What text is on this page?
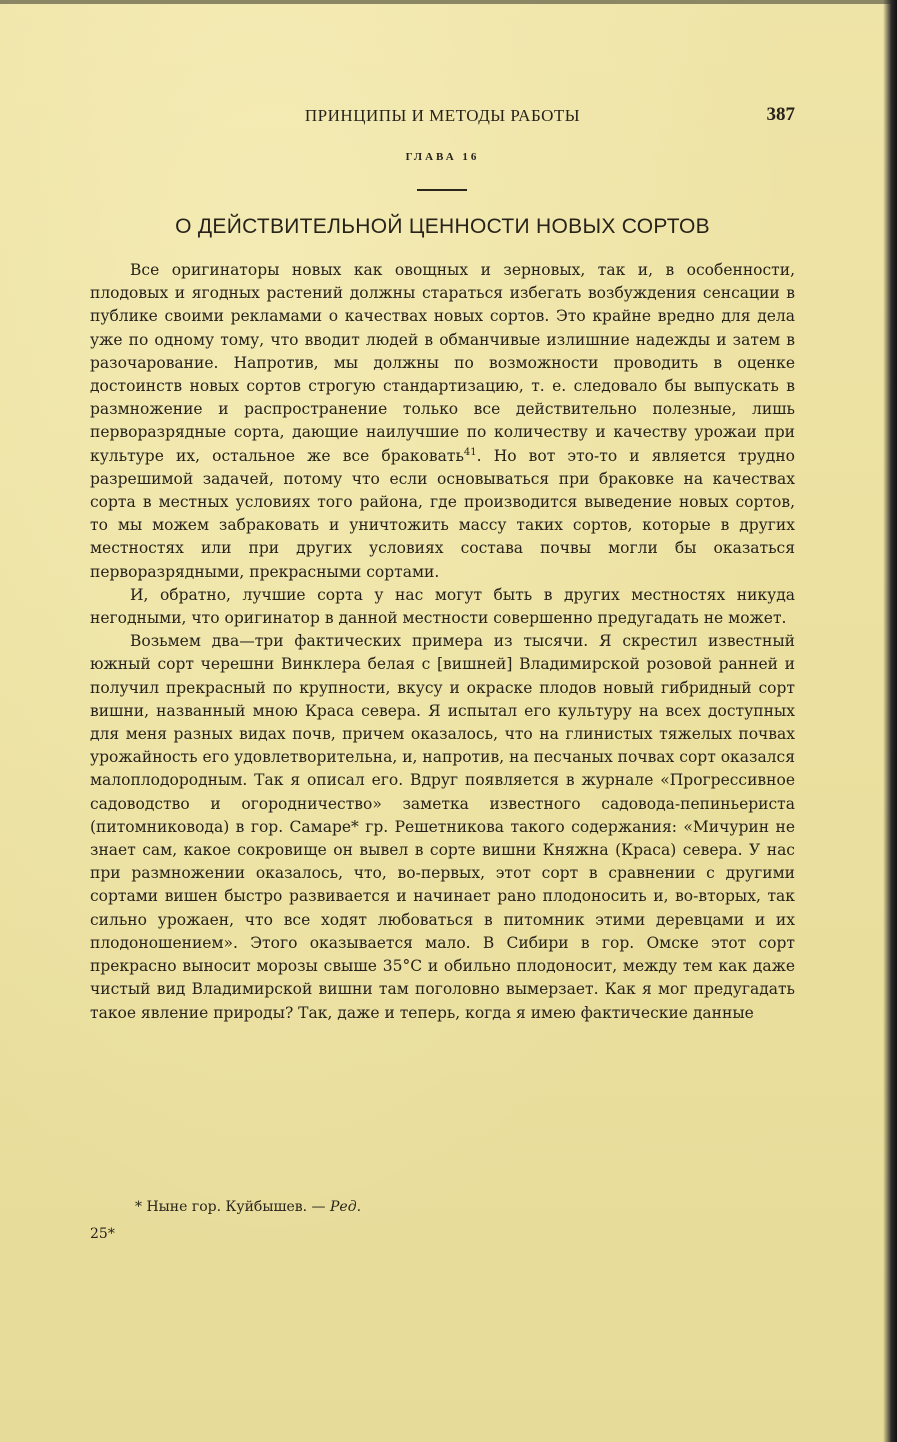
ПРИНЦИПЫ И МЕТОДЫ РАБОТЫ	387
ГЛАВА 16
О ДЕЙСТВИТЕЛЬНОЙ ЦЕННОСТИ НОВЫХ СОРТОВ

Все оригинаторы новых как овощных и зерновых, так и, в особенности, плодовых и ягодных растений должны стараться избегать возбуждения сенсации в публике своими рекламами о качествах новых сортов. Это крайне вредно для дела уже по одному тому, что вводит людей в обманчивые излишние надежды и затем в разочарование. Напротив, мы должны по возможности проводить в оценке достоинств новых сортов строгую стандартизацию, т. е. следовало бы выпускать в размножение и распространение только все действительно полезные, лишь перворазрядные сорта, дающие наилучшие по количеству и качеству урожаи при культуре их, остальное же все браковать$^{41}$. Но вот это-то и является трудно разрешимой задачей, потому что если основываться при браковке на качествах сорта в местных условиях того района, где производится выведение новых сортов, то мы можем забраковать и уничтожить массу таких сортов, которые в других местностях или при других условиях состава почвы могли бы оказаться перворазрядными, прекрасными сортами.

И, обратно, лучшие сорта у нас могут быть в других местностях никуда негодными, что оригинатор в данной местности совершенно предугадать не может.

Возьмем два—три фактических примера из тысячи. Я скрестил известный южный сорт черешни Винклера белая с [вишней] Владимирской розовой ранней и получил прекрасный по крупности, вкусу и окраске плодов новый гибридный сорт вишни, названный мною Краса севера. Я испытал его культуру на всех доступных для меня разных видах почв, причем оказалось, что на глинистых тяжелых почвах урожайность его удовлетворительна, и, напротив, на песчаных почвах сорт оказался малоплодородным. Так я описал его. Вдруг появляется в журнале «Прогрессивное садоводство и огородничество» заметка известного садовода-пепиньериста (питомниковода) в гор. Самаре* гр. Решетникова такого содержания: «Мичурин не знает сам, какое сокровище он вывел в сорте вишни Княжна (Краса) севера. У нас при размножении оказалось, что, во-первых, этот сорт в сравнении с другими сортами вишен быстро развивается и начинает рано плодоносить и, во-вторых, так сильно урожаен, что все ходят любоваться в питомник этими деревцами и их плодоношением». Этого оказывается мало. В Сибири в гор. Омске этот сорт прекрасно выносит морозы свыше 35°С и обильно плодоносит, между тем как даже чистый вид Владимирской вишни там поголовно вымерзает. Как я мог предугадать такое явление природы? Так, даже и теперь, когда я имею фактические данные

* Ныне гор. Куйбышев. — Ред.
25*
